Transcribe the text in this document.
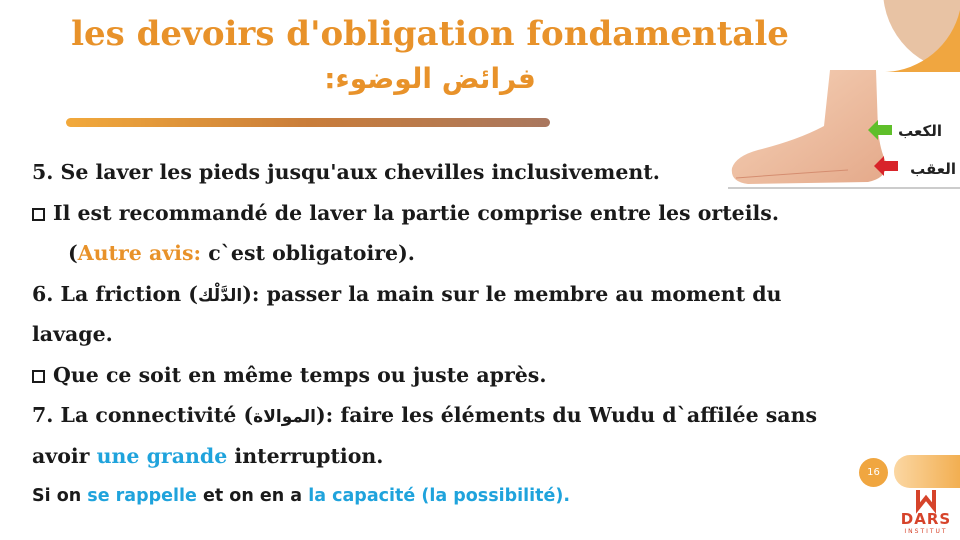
les devoirs d'obligation fondamentale
فرائض الوضوء:
الكعب
العقب
5. Se laver les pieds jusqu'aux chevilles inclusivement.
Il est recommandé de laver la partie comprise entre les orteils.
(Autre avis: c`est obligatoire).
6. La friction (الدَّلْك): passer la main sur le membre au moment du
lavage.
Que ce soit en même temps ou juste après.
7. La connectivité (الموالاة): faire les éléments du Wudu d`affilée sans
avoir une grande interruption.
Si on se rappelle et on en a la capacité (la possibilité).
16
DARS
INSTITUT
